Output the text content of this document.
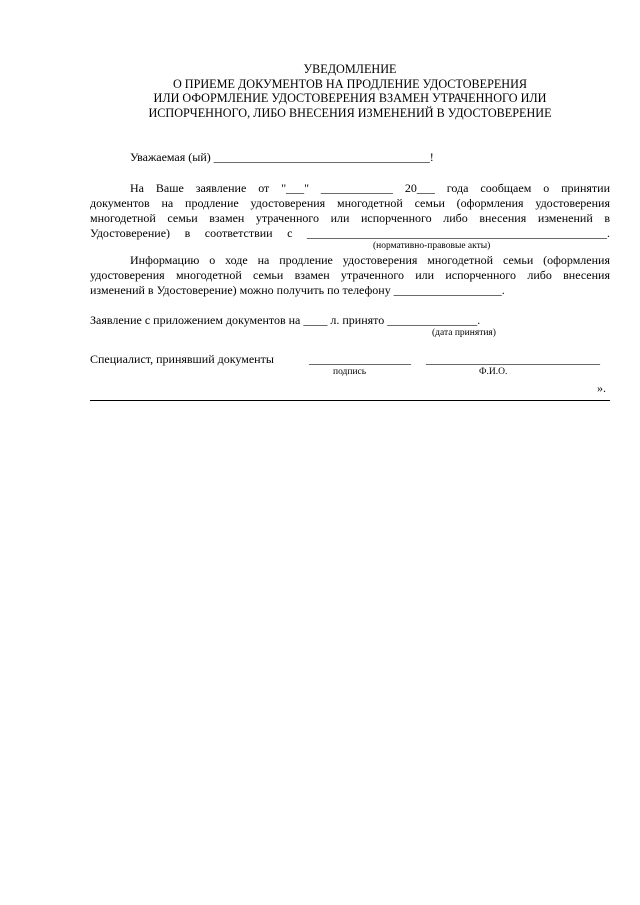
УВЕДОМЛЕНИЕ
О ПРИЕМЕ ДОКУМЕНТОВ НА ПРОДЛЕНИЕ УДОСТОВЕРЕНИЯ
ИЛИ ОФОРМЛЕНИЕ УДОСТОВЕРЕНИЯ ВЗАМЕН УТРАЧЕННОГО ИЛИ
ИСПОРЧЕННОГО, ЛИБО ВНЕСЕНИЯ ИЗМЕНЕНИЙ В УДОСТОВЕРЕНИЕ
Уважаемая (ый) ____________________________________!
На Ваше заявление от "___" ____________ 20___ года сообщаем о принятии
документов на продление удостоверения многодетной семьи (оформления удостоверения
многодетной семьи взамен утраченного или испорченного либо внесения изменений в
Удостоверение) в соответствии с __________________________________________________.
(нормативно-правовые акты)
Информацию о ходе на продление удостоверения многодетной семьи (оформления
удостоверения многодетной семьи взамен утраченного или испорченного либо внесения
изменений в Удостоверение) можно получить по телефону __________________.
Заявление с приложением документов на ____ л. принято _______________.
(дата принятия)
Специалист, принявший документы	_________________ _____________________________
подпись	Ф.И.О.
».
